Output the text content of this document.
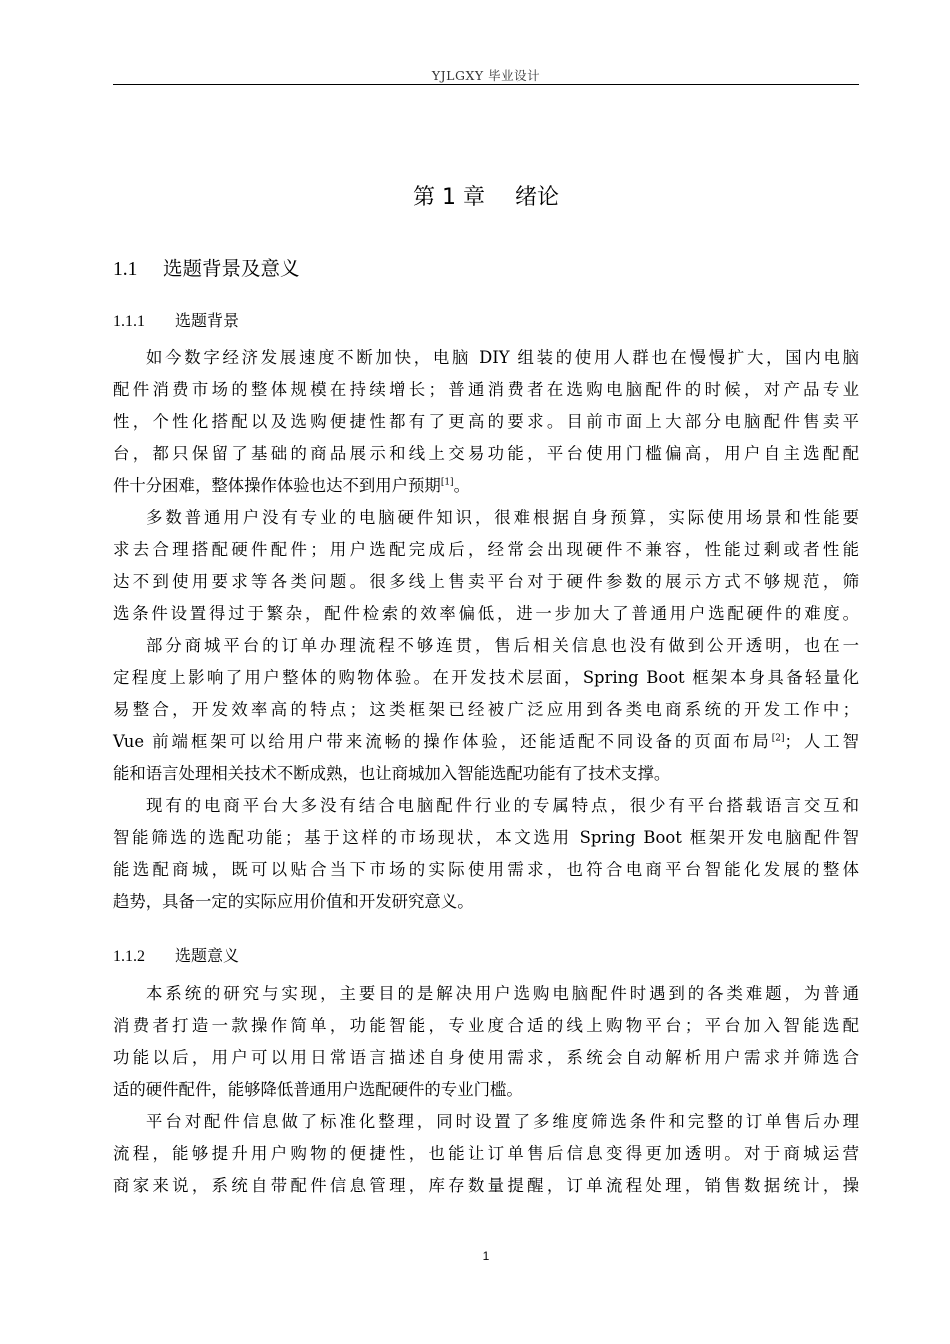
YJLGXY 毕业设计
第 1 章 绪论
1.1 选题背景及意义
1.1.1 选题背景
如今数字经济发展速度不断加快，电脑 DIY 组装的使用人群也在慢慢扩大，国内电脑
配件消费市场的整体规模在持续增长；普通消费者在选购电脑配件的时候，对产品专业
性，个性化搭配以及选购便捷性都有了更高的要求。目前市面上大部分电脑配件售卖平
台，都只保留了基础的商品展示和线上交易功能，平台使用门槛偏高，用户自主选配配
件十分困难，整体操作体验也达不到用户预期[1]。
多数普通用户没有专业的电脑硬件知识，很难根据自身预算，实际使用场景和性能要
求去合理搭配硬件配件；用户选配完成后，经常会出现硬件不兼容，性能过剩或者性能
达不到使用要求等各类问题。很多线上售卖平台对于硬件参数的展示方式不够规范，筛
选条件设置得过于繁杂，配件检索的效率偏低，进一步加大了普通用户选配硬件的难度。
部分商城平台的订单办理流程不够连贯，售后相关信息也没有做到公开透明，也在一
定程度上影响了用户整体的购物体验。在开发技术层面，Spring Boot 框架本身具备轻量化
易整合，开发效率高的特点；这类框架已经被广泛应用到各类电商系统的开发工作中；
Vue 前端框架可以给用户带来流畅的操作体验，还能适配不同设备的页面布局[2]；人工智
能和语言处理相关技术不断成熟，也让商城加入智能选配功能有了技术支撑。
现有的电商平台大多没有结合电脑配件行业的专属特点，很少有平台搭载语言交互和
智能筛选的选配功能；基于这样的市场现状，本文选用 Spring Boot 框架开发电脑配件智
能选配商城，既可以贴合当下市场的实际使用需求，也符合电商平台智能化发展的整体
趋势，具备一定的实际应用价值和开发研究意义。
1.1.2 选题意义
本系统的研究与实现，主要目的是解决用户选购电脑配件时遇到的各类难题，为普通
消费者打造一款操作简单，功能智能，专业度合适的线上购物平台；平台加入智能选配
功能以后，用户可以用日常语言描述自身使用需求，系统会自动解析用户需求并筛选合
适的硬件配件，能够降低普通用户选配硬件的专业门槛。
平台对配件信息做了标准化整理，同时设置了多维度筛选条件和完整的订单售后办理
流程，能够提升用户购物的便捷性，也能让订单售后信息变得更加透明。对于商城运营
商家来说，系统自带配件信息管理，库存数量提醒，订单流程处理，销售数据统计，操
1
